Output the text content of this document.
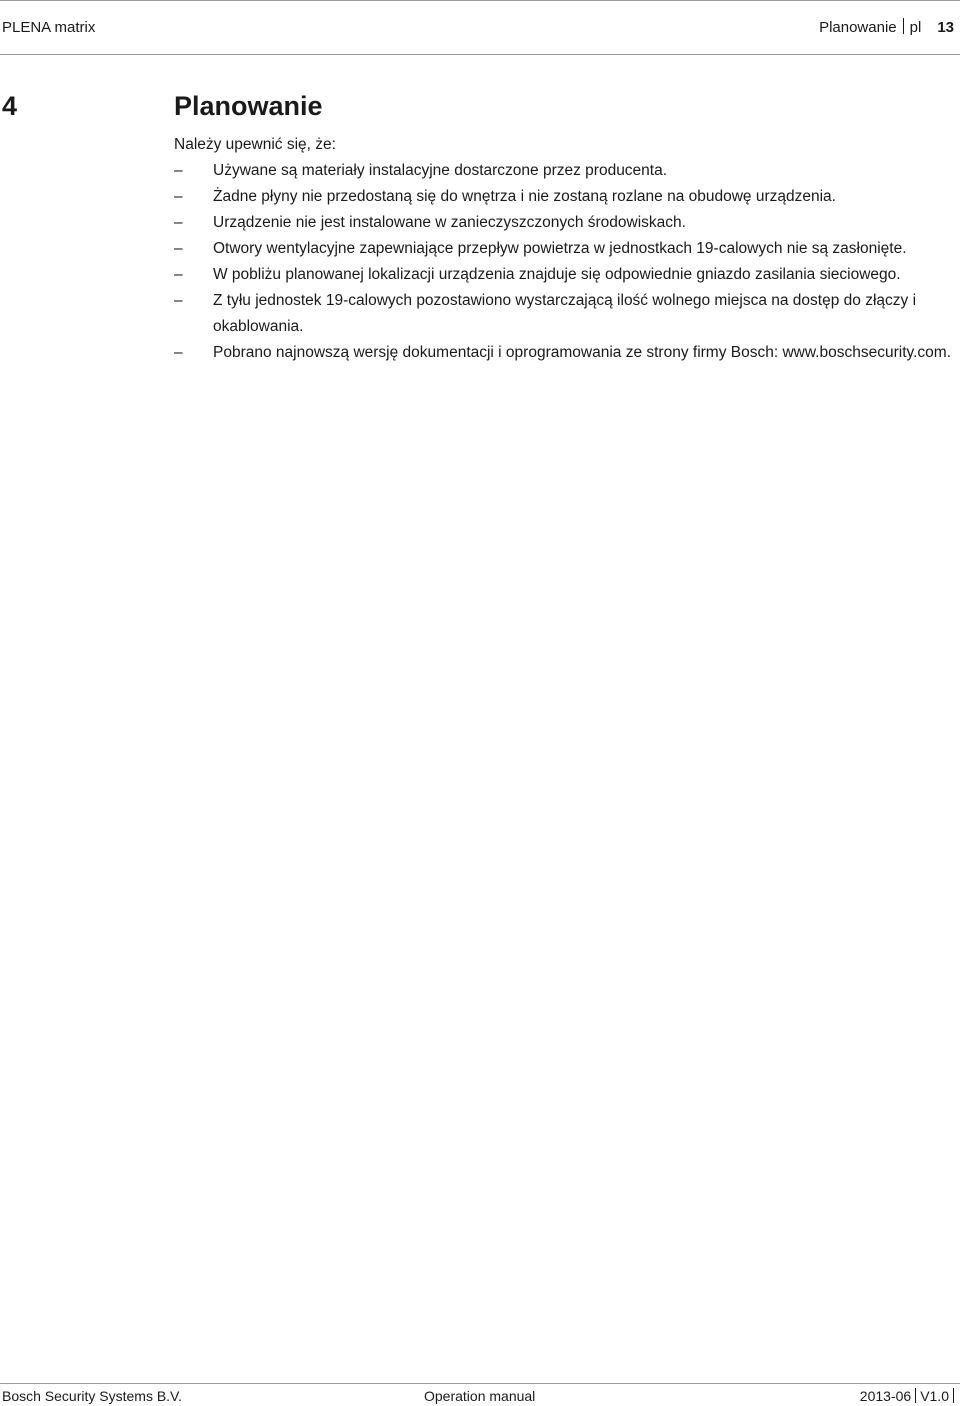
PLENA matrix	Planowanie pl 13
4	Planowanie

Należy upewnić się, że:

– Używane są materiały instalacyjne dostarczone przez producenta.
– Żadne płyny nie przedostaną się do wnętrza i nie zostaną rozlane na obudowę urządzenia.
– Urządzenie nie jest instalowane w zanieczyszczonych środowiskach.
– Otwory wentylacyjne zapewniające przepływ powietrza w jednostkach 19-calowych nie są zasłonięte.
– W pobliżu planowanej lokalizacji urządzenia znajduje się odpowiednie gniazdo zasilania sieciowego.
– Z tyłu jednostek 19-calowych pozostawiono wystarczającą ilość wolnego miejsca na dostęp do złączy i okablowania.
– Pobrano najnowszą wersję dokumentacji i oprogramowania ze strony firmy Bosch: www.boschsecurity.com.
Bosch Security Systems B.V.	Operation manual	2013-06 V1.0
